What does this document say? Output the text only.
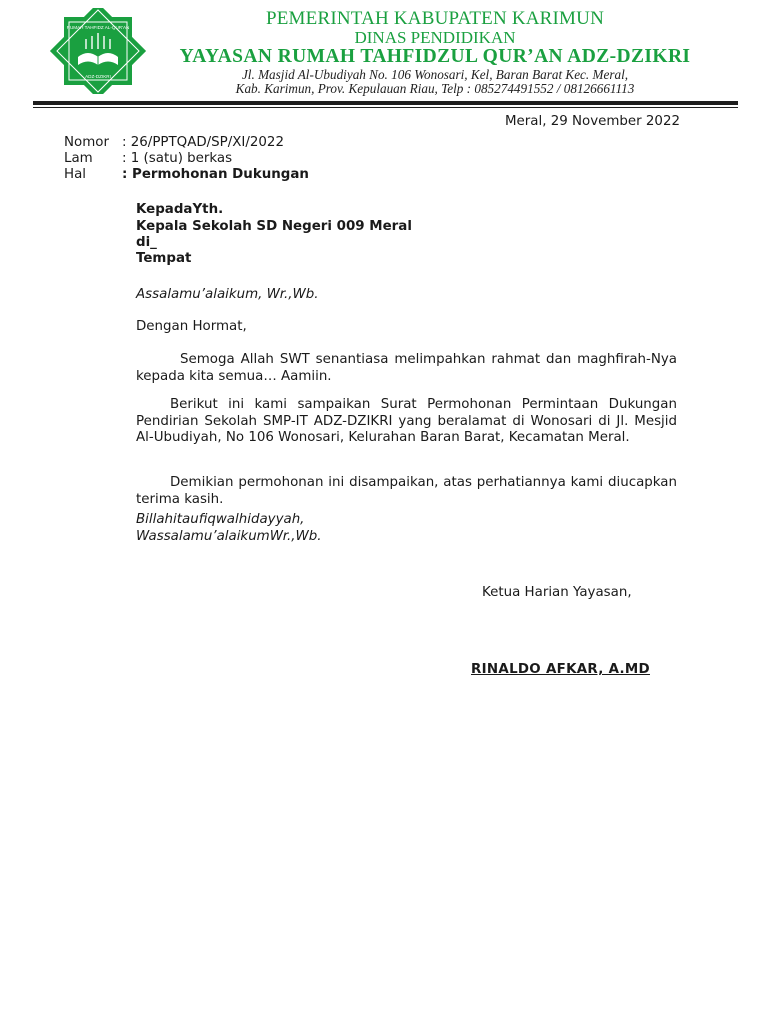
RUMAH TAHFIDZ AL-QUR'AN
ADZ-DZIKRI
PEMERINTAH KABUPATEN KARIMUN
DINAS PENDIDIKAN
YAYASAN RUMAH TAHFIDZUL QUR’AN ADZ-DZIKRI
Jl. Masjid Al-Ubudiyah No. 106 Wonosari, Kel, Baran Barat Kec. Meral,
Kab. Karimun, Prov. Kepulauan Riau, Telp : 085274491552 / 08126661113
Meral, 29 November 2022
Nomor : 26/PPTQAD/SP/XI/2022
Lam : 1 (satu) berkas
Hal	: Permohonan Dukungan
KepadaYth.
Kepala Sekolah SD Negeri 009 Meral
di_
Tempat
Assalamu’alaikum, Wr.,Wb.
Dengan Hormat,
Semoga Allah SWT senantiasa melimpahkan rahmat dan maghfirah-Nya kepada kita semua… Aamiin.
Berikut ini kami sampaikan Surat Permohonan Permintaan Dukungan Pendirian Sekolah SMP-IT ADZ-DZIKRI yang beralamat di Wonosari di Jl. Mesjid Al-Ubudiyah, No 106 Wonosari, Kelurahan Baran Barat, Kecamatan Meral.
Demikian permohonan ini disampaikan, atas perhatiannya kami diucapkan terima kasih.
Billahitaufiqwalhidayyah,
Wassalamu’alaikumWr.,Wb.
Ketua Harian Yayasan,
RINALDO AFKAR, A.MD
